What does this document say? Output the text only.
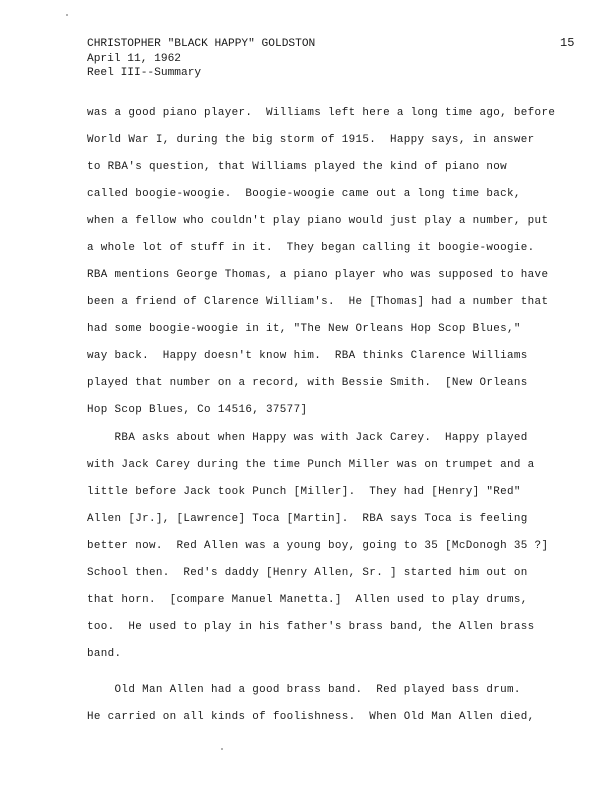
CHRISTOPHER "BLACK HAPPY" GOLDSTON
April 11, 1962
Reel III--Summary
15
was a good piano player.  Williams left here a long time ago, before
World War I, during the big storm of 1915.  Happy says, in answer
to RBA's question, that Williams played the kind of piano now
called boogie-woogie.  Boogie-woogie came out a long time back,
when a fellow who couldn't play piano would just play a number, put
a whole lot of stuff in it.  They began calling it boogie-woogie.
RBA mentions George Thomas, a piano player who was supposed to have
been a friend of Clarence William's.  He [Thomas] had a number that
had some boogie-woogie in it, "The New Orleans Hop Scop Blues,"
way back.  Happy doesn't know him.  RBA thinks Clarence Williams
played that number on a record, with Bessie Smith.  [New Orleans
Hop Scop Blues, Co 14516, 37577]
RBA asks about when Happy was with Jack Carey.  Happy played
with Jack Carey during the time Punch Miller was on trumpet and a
little before Jack took Punch [Miller].  They had [Henry] "Red"
Allen [Jr.], [Lawrence] Toca [Martin].  RBA says Toca is feeling
better now.  Red Allen was a young boy, going to 35 [McDonogh 35 ?]
School then.  Red's daddy [Henry Allen, Sr. ] started him out on
that horn.  [compare Manuel Manetta.]  Allen used to play drums,
too.  He used to play in his father's brass band, the Allen brass
band.
Old Man Allen had a good brass band.  Red played bass drum.
He carried on all kinds of foolishness.  When Old Man Allen died,
